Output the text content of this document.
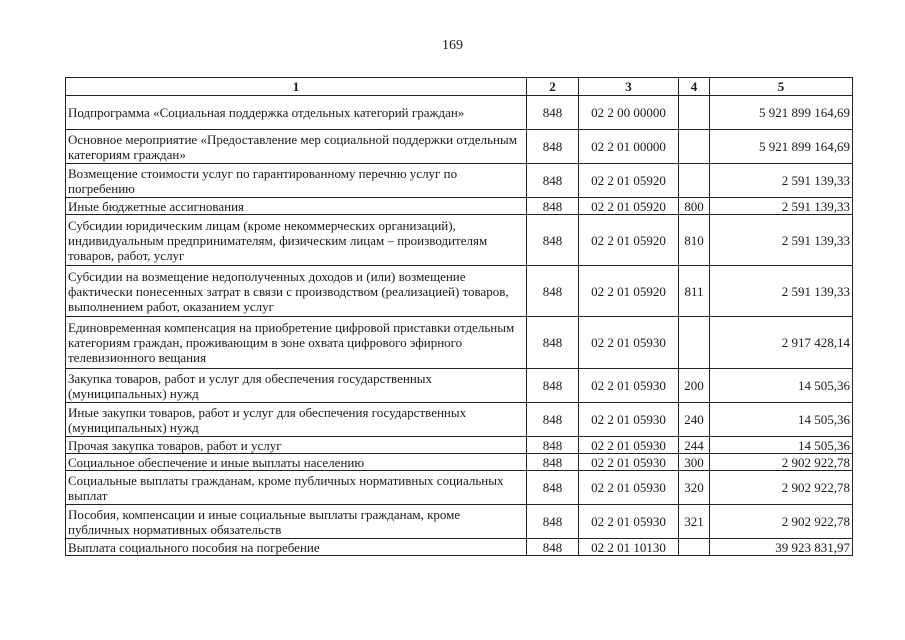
169
1	2	3	4	5
Подпрограмма «Социальная поддержка отдельных категорий граждан»	848	02 2 00 00000		5 921 899 164,69
Основное мероприятие «Предоставление мер социальной поддержки отдельным категориям граждан»	848	02 2 01 00000		5 921 899 164,69
Возмещение стоимости услуг по гарантированному перечню услуг по погребению	848	02 2 01 05920		2 591 139,33
Иные бюджетные ассигнования	848	02 2 01 05920	800	2 591 139,33
Субсидии юридическим лицам (кроме некоммерческих организаций), индивидуальным предпринимателям, физическим лицам – производителям товаров, работ, услуг	848	02 2 01 05920	810	2 591 139,33
Субсидии на возмещение недополученных доходов и (или) возмещение фактически понесенных затрат в связи с производством (реализацией) товаров, выполнением работ, оказанием услуг	848	02 2 01 05920	811	2 591 139,33
Единовременная компенсация на приобретение цифровой приставки отдельным категориям граждан, проживающим в зоне охвата цифрового эфирного телевизионного вещания	848	02 2 01 05930		2 917 428,14
Закупка товаров, работ и услуг для обеспечения государственных (муниципальных) нужд	848	02 2 01 05930	200	14 505,36
Иные закупки товаров, работ и услуг для обеспечения государственных (муниципальных) нужд	848	02 2 01 05930	240	14 505,36
Прочая закупка товаров, работ и услуг	848	02 2 01 05930	244	14 505,36
Социальное обеспечение и иные выплаты населению	848	02 2 01 05930	300	2 902 922,78
Социальные выплаты гражданам, кроме публичных нормативных социальных выплат	848	02 2 01 05930	320	2 902 922,78
Пособия, компенсации и иные социальные выплаты гражданам, кроме публичных нормативных обязательств	848	02 2 01 05930	321	2 902 922,78
Выплата социального пособия на погребение	848	02 2 01 10130		39 923 831,97
